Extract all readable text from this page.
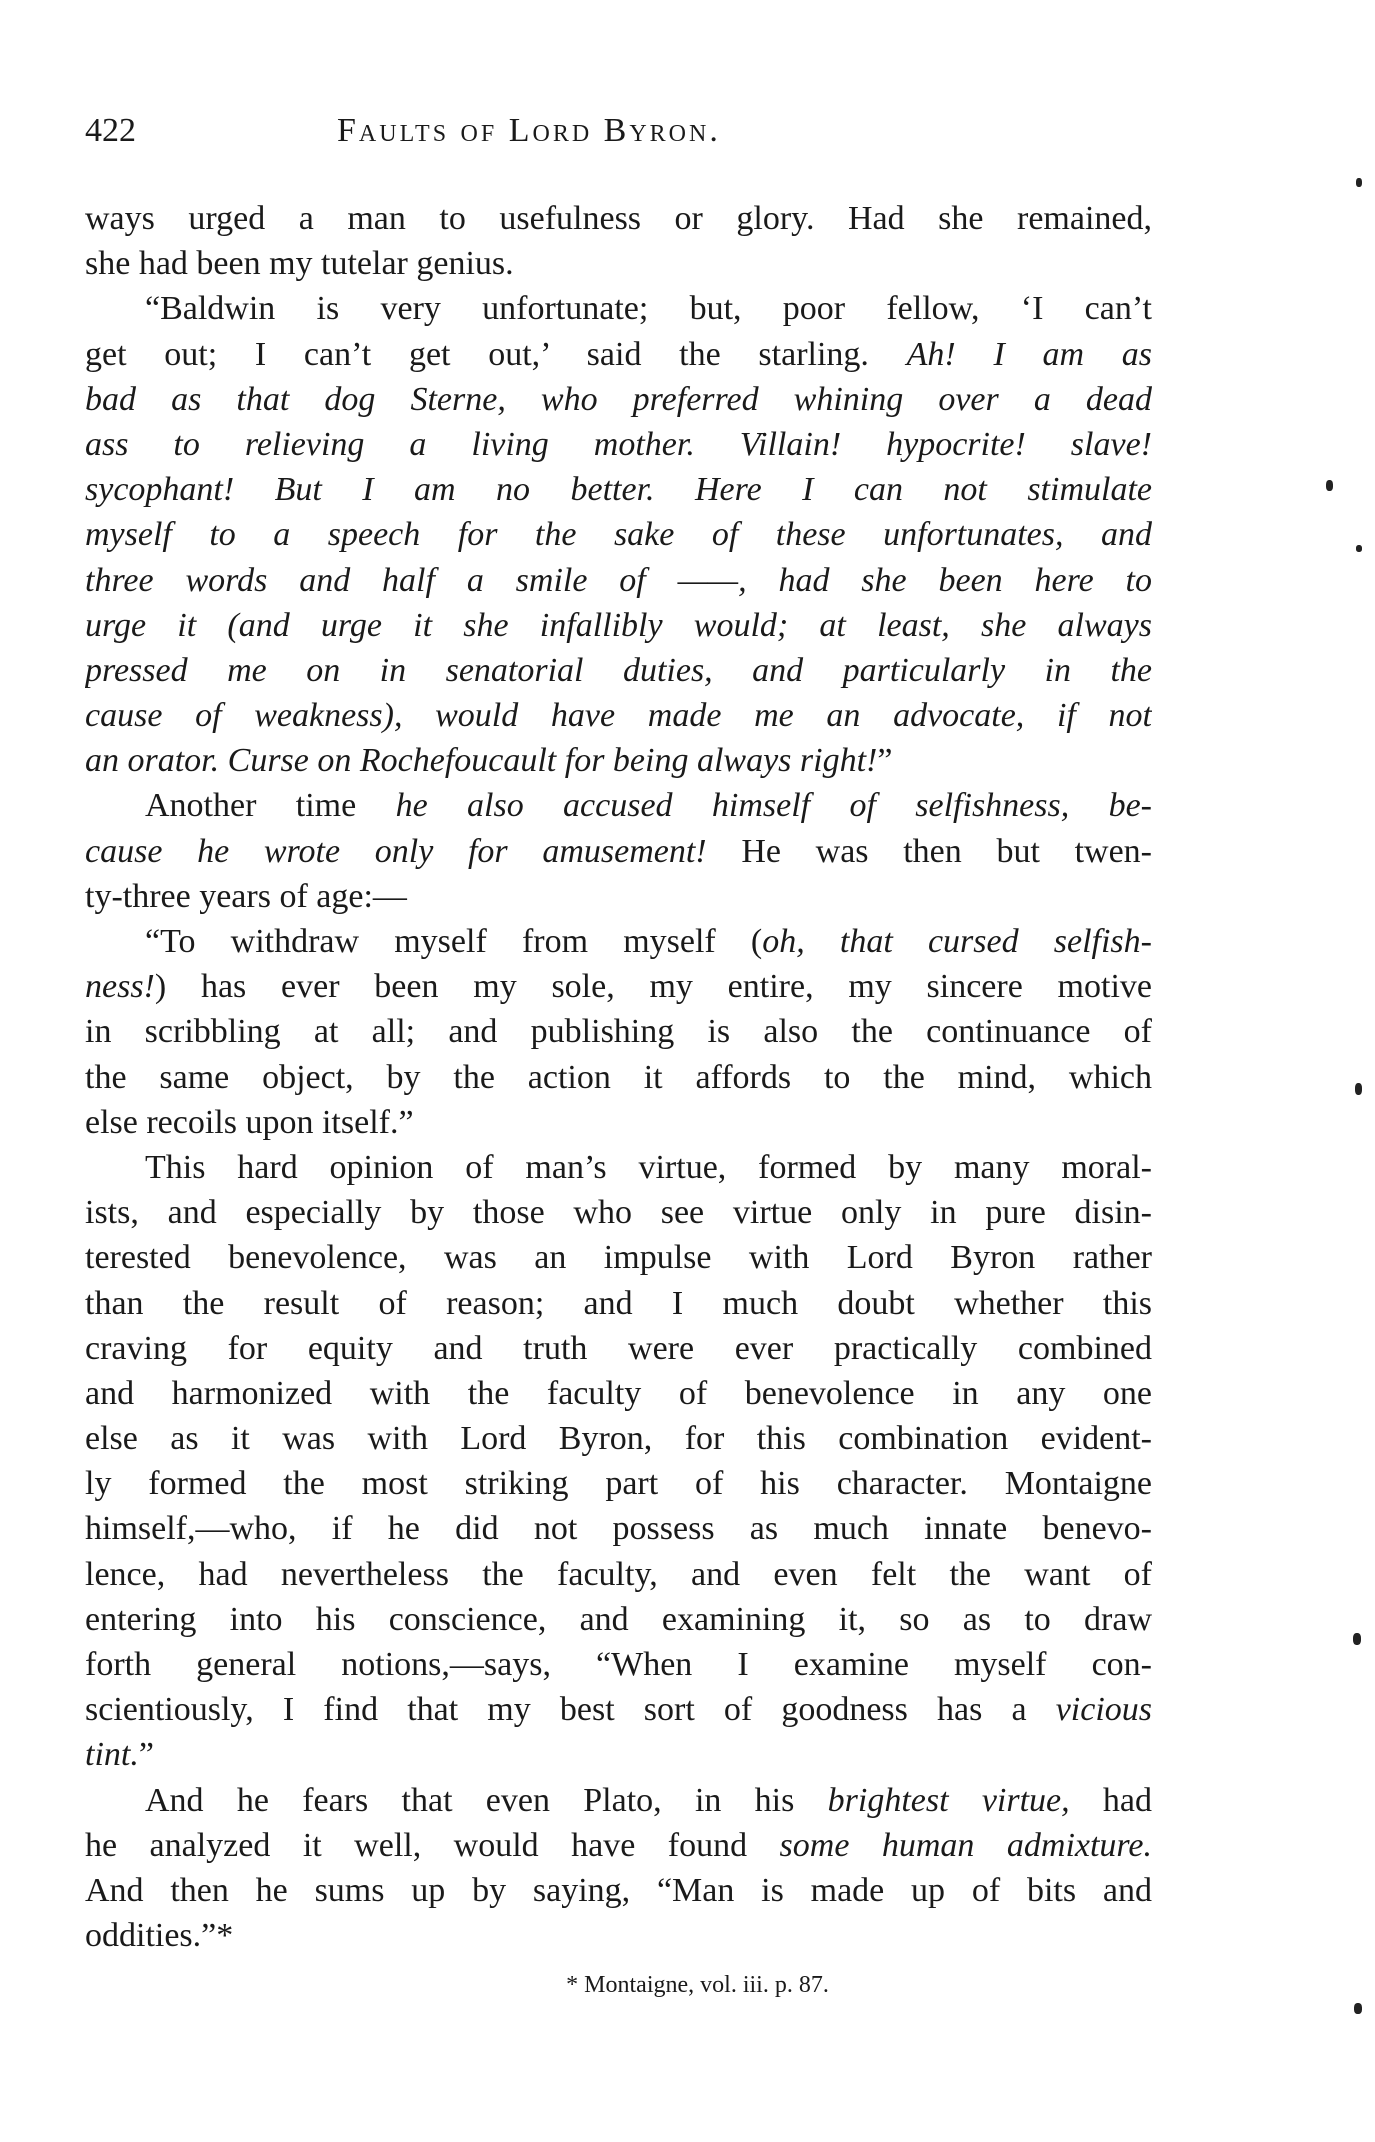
422	Faults of Lord Byron.
ways urged a man to usefulness or glory. Had she remained,
she had been my tutelar genius.
“Baldwin is very unfortunate; but, poor fellow, ‘I can’t
get out; I can’t get out,’ said the starling. Ah! I am as
bad as that dog Sterne, who preferred whining over a dead
ass to relieving a living mother. Villain! hypocrite! slave!
sycophant! But I am no better. Here I can not stimulate
myself to a speech for the sake of these unfortunates, and
three words and half a smile of ——, had she been here to
urge it (and urge it she infallibly would; at least, she always
pressed me on in senatorial duties, and particularly in the
cause of weakness), would have made me an advocate, if not
an orator. Curse on Rochefoucault for being always right!”
Another time he also accused himself of selfishness, be-
cause he wrote only for amusement! He was then but twen-
ty-three years of age:—
“To withdraw myself from myself (oh, that cursed selfish-
ness!) has ever been my sole, my entire, my sincere motive
in scribbling at all; and publishing is also the continuance of
the same object, by the action it affords to the mind, which
else recoils upon itself.”
This hard opinion of man’s virtue, formed by many moral-
ists, and especially by those who see virtue only in pure disin-
terested benevolence, was an impulse with Lord Byron rather
than the result of reason; and I much doubt whether this
craving for equity and truth were ever practically combined
and harmonized with the faculty of benevolence in any one
else as it was with Lord Byron, for this combination evident-
ly formed the most striking part of his character. Montaigne
himself,—who, if he did not possess as much innate benevo-
lence, had nevertheless the faculty, and even felt the want of
entering into his conscience, and examining it, so as to draw
forth general notions,—says, “When I examine myself con-
scientiously, I find that my best sort of goodness has a vicious
tint.”
And he fears that even Plato, in his brightest virtue, had
he analyzed it well, would have found some human admixture.
And then he sums up by saying, “Man is made up of bits and
oddities.”*
* Montaigne, vol. iii. p. 87.
